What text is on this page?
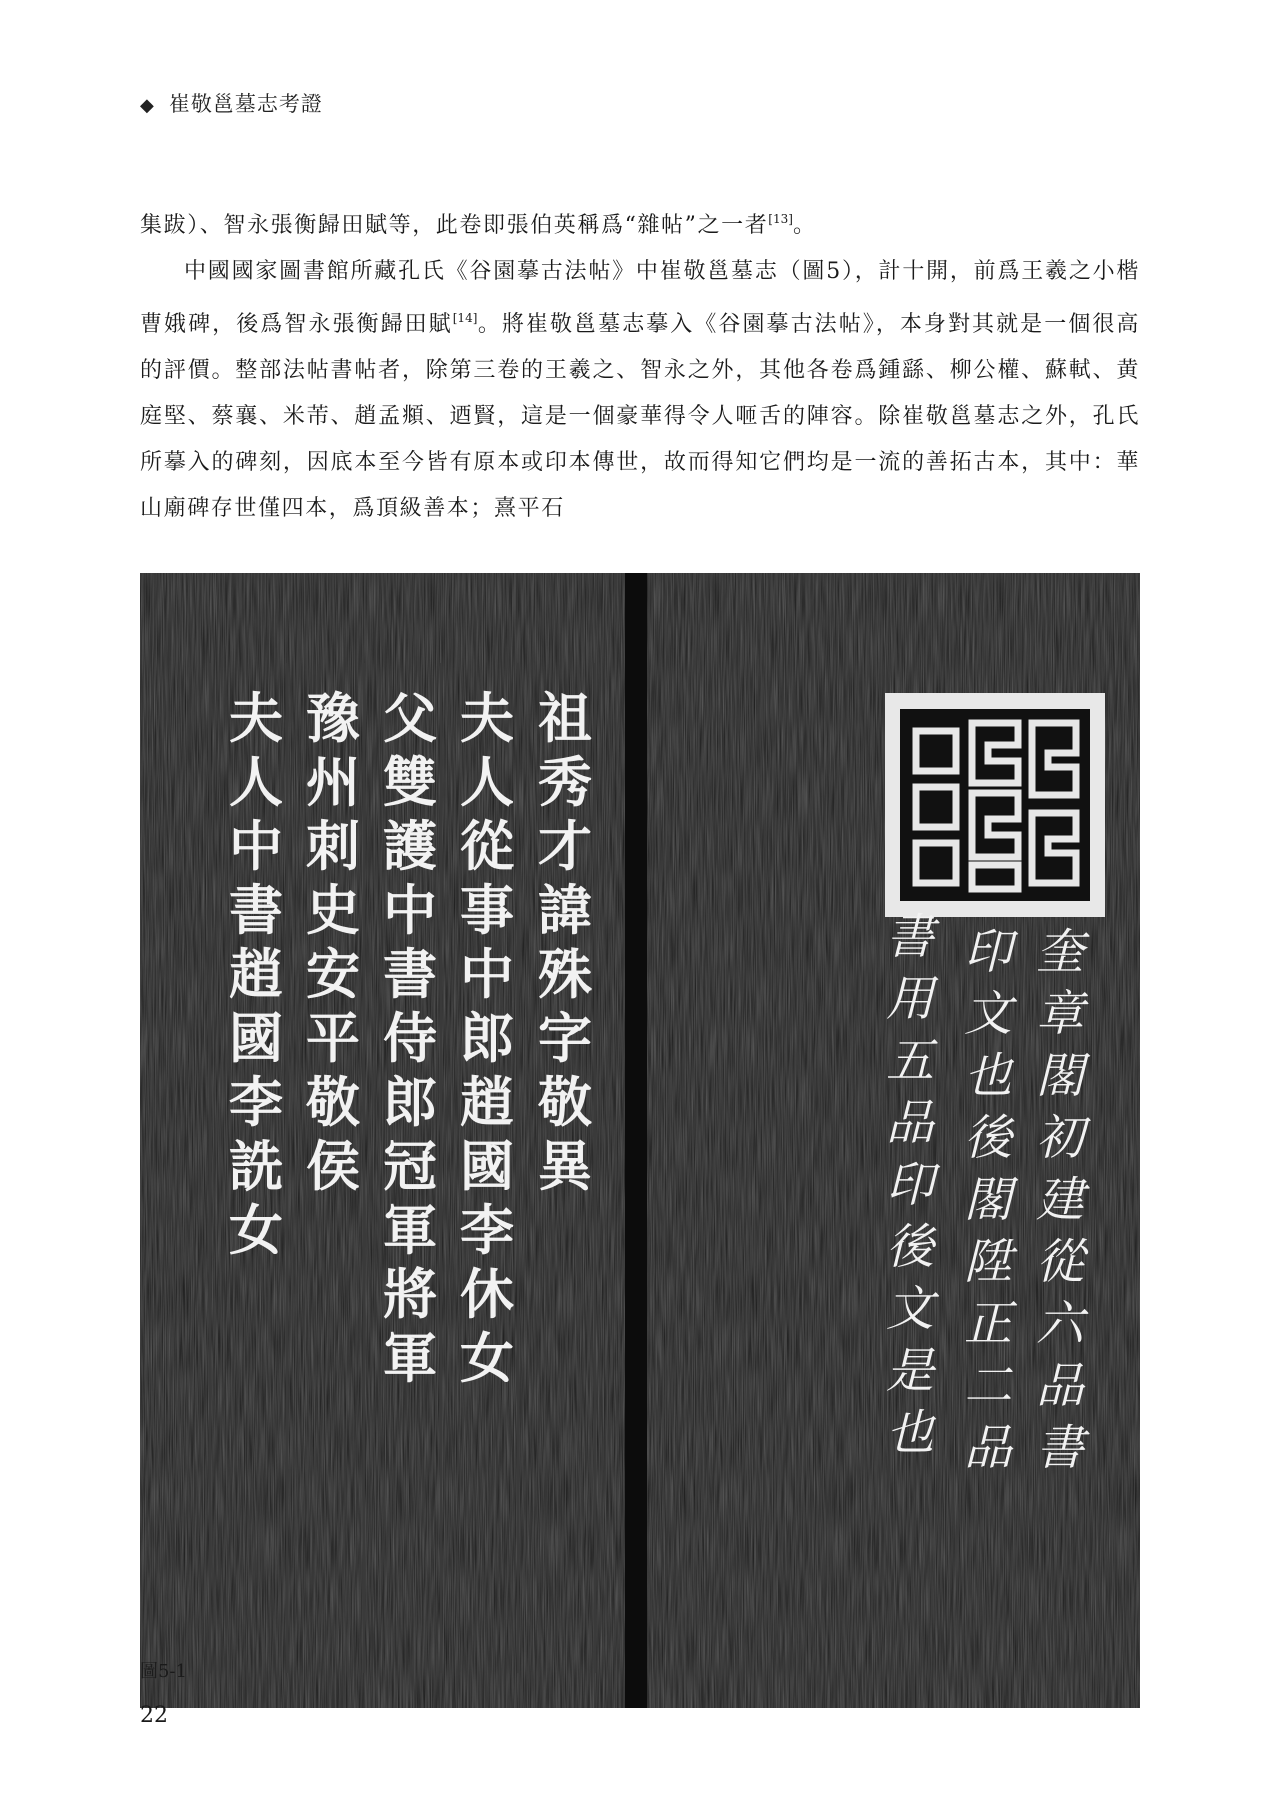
◆ 崔敬邕墓志考證

集跋）、智永張衡歸田賦等，此卷即張伯英稱爲“雜帖”之一者[13]。

中國國家圖書館所藏孔氏《谷園摹古法帖》中崔敬邕墓志（圖5），計十開，前爲王羲之小楷曹娥碑，後爲智永張衡歸田賦[14]。將崔敬邕墓志摹入《谷園摹古法帖》，本身對其就是一個很高的評價。整部法帖書帖者，除第三卷的王羲之、智永之外，其他各卷爲鍾繇、柳公權、蘇軾、黄庭堅、蔡襄、米芾、趙孟頫、迺賢，這是一個豪華得令人咂舌的陣容。除崔敬邕墓志之外，孔氏所摹入的碑刻，因底本至今皆有原本或印本傳世，故而得知它們均是一流的善拓古本，其中：華山廟碑存世僅四本，爲頂級善本；熹平石

祖秀才諱殊字敬異
夫人從事中郎趙國李休女
父雙護中書侍郎冠軍將軍
豫州刺史安平敬侯
夫人中書趙國李詵女
奎章閣初建從六品書
印文也後閣陞正二品
書用五品印後文是也
圖5-1
22
